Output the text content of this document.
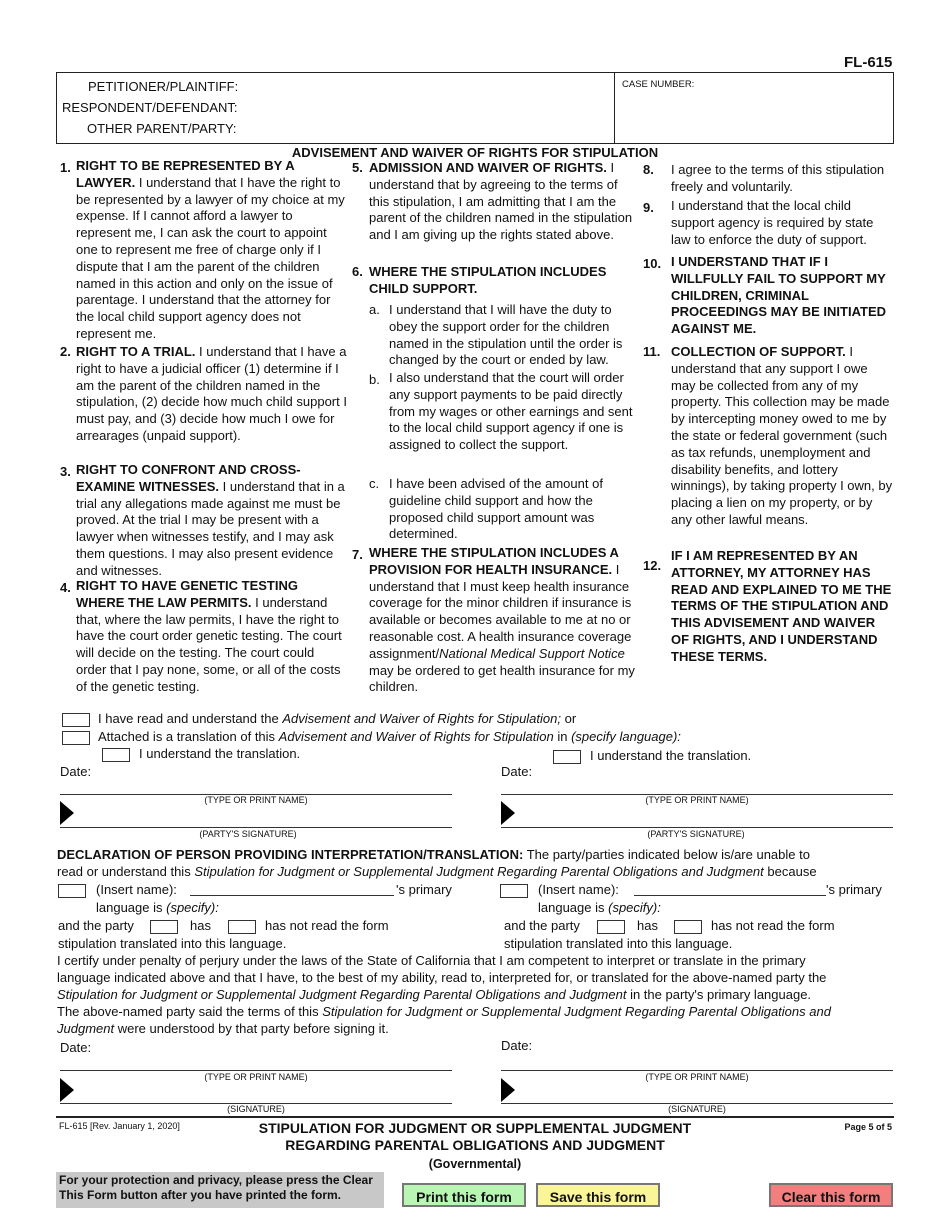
FL-615
PETITIONER/PLAINTIFF:
RESPONDENT/DEFENDANT:
OTHER PARENT/PARTY:
CASE NUMBER:
ADVISEMENT AND WAIVER OF RIGHTS FOR STIPULATION
1. RIGHT TO BE REPRESENTED BY A LAWYER. I understand that I have the right to be represented by a lawyer of my choice at my expense. If I cannot afford a lawyer to represent me, I can ask the court to appoint one to represent me free of charge only if I dispute that I am the parent of the children named in this action and only on the issue of parentage. I understand that the attorney for the local child support agency does not represent me.

2. RIGHT TO A TRIAL. I understand that I have a right to have a judicial officer (1) determine if I am the parent of the children named in the stipulation, (2) decide how much child support I must pay, and (3) decide how much I owe for arrearages (unpaid support).

3. RIGHT TO CONFRONT AND CROSS-EXAMINE WITNESSES. I understand that in a trial any allegations made against me must be proved. At the trial I may be present with a lawyer when witnesses testify, and I may ask them questions. I may also present evidence and witnesses.

4. RIGHT TO HAVE GENETIC TESTING WHERE THE LAW PERMITS. I understand that, where the law permits, I have the right to have the court order genetic testing. The court will decide on the testing. The court could order that I pay none, some, or all of the costs of the genetic testing.

5. ADMISSION AND WAIVER OF RIGHTS. I understand that by agreeing to the terms of this stipulation, I am admitting that I am the parent of the children named in the stipulation and I am giving up the rights stated above.

6. WHERE THE STIPULATION INCLUDES CHILD SUPPORT.

a. I understand that I will have the duty to obey the support order for the children named in the stipulation until the order is changed by the court or ended by law.

b. I also understand that the court will order any support payments to be paid directly from my wages or other earnings and sent to the local child support agency if one is assigned to collect the support.

c. I have been advised of the amount of guideline child support and how the proposed child support amount was determined.

7. WHERE THE STIPULATION INCLUDES A PROVISION FOR HEALTH INSURANCE. I understand that I must keep health insurance coverage for the minor children if insurance is available or becomes available to me at no or reasonable cost. A health insurance coverage assignment/National Medical Support Notice may be ordered to get health insurance for my children.

8. I agree to the terms of this stipulation freely and voluntarily.

9. I understand that the local child support agency is required by state law to enforce the duty of support.

10. I UNDERSTAND THAT IF I WILLFULLY FAIL TO SUPPORT MY CHILDREN, CRIMINAL PROCEEDINGS MAY BE INITIATED AGAINST ME.

11. COLLECTION OF SUPPORT. I understand that any support I owe may be collected from any of my property. This collection may be made by intercepting money owed to me by the state or federal government (such as tax refunds, unemployment and disability benefits, and lottery winnings), by taking property I own, by placing a lien on my property, or by any other lawful means.

12.

IF I AM REPRESENTED BY AN ATTORNEY, MY ATTORNEY HAS READ AND EXPLAINED TO ME THE TERMS OF THE STIPULATION AND THIS ADVISEMENT AND WAIVER OF RIGHTS, AND I UNDERSTAND THESE TERMS.

I have read and understand the Advisement and Waiver of Rights for Stipulation; or
Attached is a translation of this Advisement and Waiver of Rights for Stipulation in (specify language):
I understand the translation.	I understand the translation.
Date:	Date:
(TYPE OR PRINT NAME)
(PARTY'S SIGNATURE)
(TYPE OR PRINT NAME)
(PARTY'S SIGNATURE)
DECLARATION OF PERSON PROVIDING INTERPRETATION/TRANSLATION: The party/parties indicated below is/are unable to
read or understand this Stipulation for Judgment or Supplemental Judgment Regarding Parental Obligations and Judgment because
(Insert name):	's primary
language is (specify):
and the party	has	has not read the form
stipulation translated into this language.
(Insert name):	's primary
language is (specify):
and the party	has	has not read the form
stipulation translated into this language.
I certify under penalty of perjury under the laws of the State of California that I am competent to interpret or translate in the primary
language indicated above and that I have, to the best of my ability, read to, interpreted for, or translated for the above-named party the
Stipulation for Judgment or Supplemental Judgment Regarding Parental Obligations and Judgment in the party's primary language.
The above-named party said the terms of this Stipulation for Judgment or Supplemental Judgment Regarding Parental Obligations and
Judgment were understood by that party before signing it.
Date:	Date:
(TYPE OR PRINT NAME)
(SIGNATURE)
(TYPE OR PRINT NAME)
(SIGNATURE)
FL-615 [Rev. January 1, 2020]	STIPULATION FOR JUDGMENT OR SUPPLEMENTAL JUDGMENT
REGARDING PARENTAL OBLIGATIONS AND JUDGMENT
(Governmental)
Page 5 of 5
For your protection and privacy, please press the Clear This Form button after you have printed the form.	Print this form	Save this form	Clear this form
